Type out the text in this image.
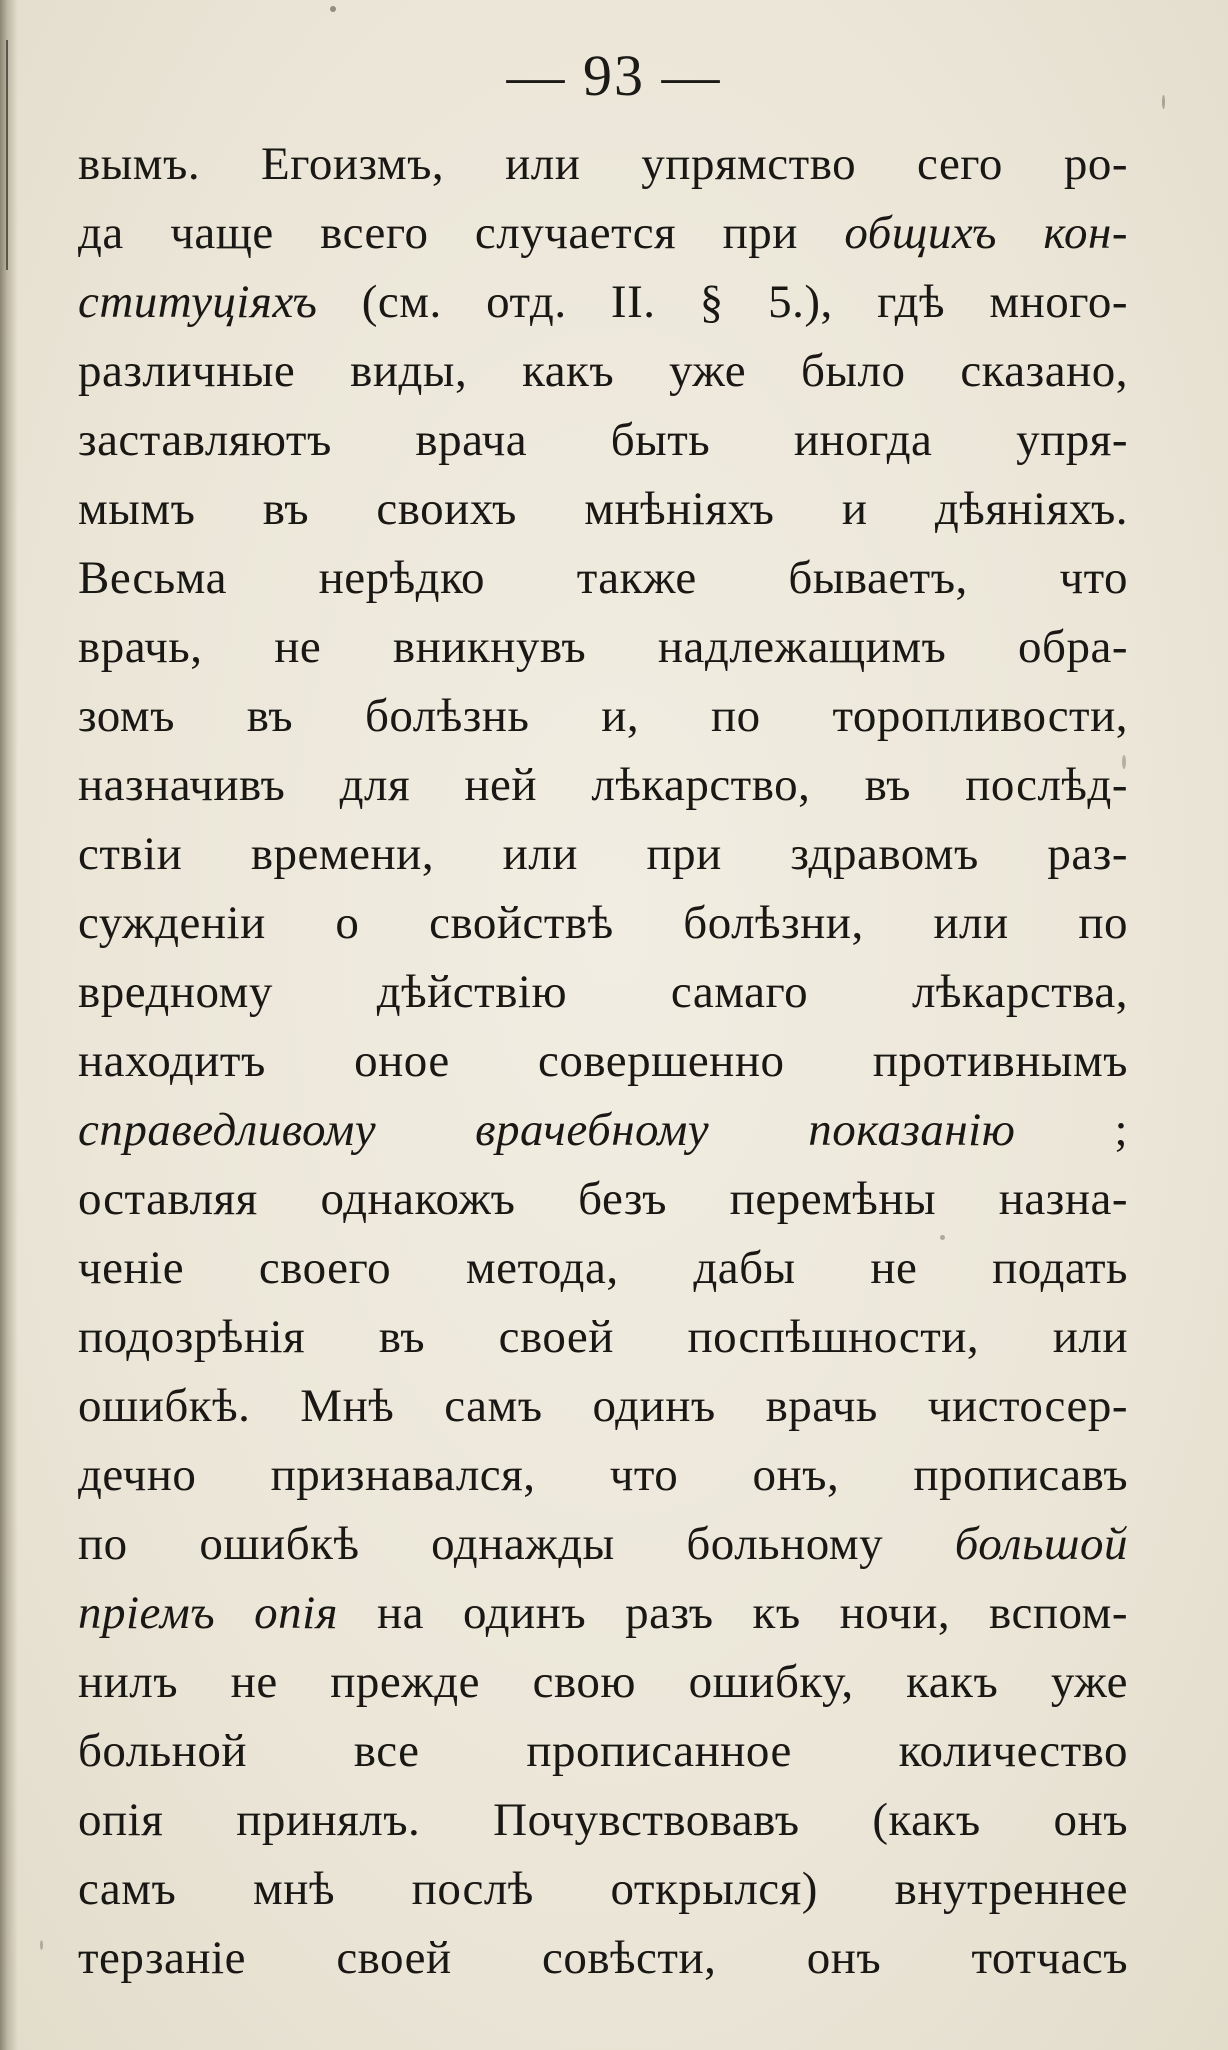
— 93 —
вымъ. Егоизмъ, или упрямство сего ро-
да чаще всего случается при общихъ кон-
ституціяхъ (см. отд. II. § 5.), гдѣ много-
различные виды, какъ уже было сказано,
заставляютъ врача быть иногда упря-
мымъ въ своихъ мнѣніяхъ и дѣяніяхъ.
Весьма нерѣдко также бываетъ, что
врачь, не вникнувъ надлежащимъ обра-
зомъ въ болѣзнь и, по торопливости,
назначивъ для ней лѣкарство, въ послѣд-
ствіи времени, или при здравомъ раз-
сужденіи о свойствѣ болѣзни, или по
вредному дѣйствію самаго лѣкарства,
находитъ оное совершенно противнымъ
справедливому врачебному показанію ;
оставляя однакожъ безъ перемѣны назна-
ченіе своего метода, дабы не подать
подозрѣнія въ своей поспѣшности, или
ошибкѣ. Мнѣ самъ одинъ врачь чистосер-
дечно признавался, что онъ, прописавъ
по ошибкѣ однажды больному большой
пріемъ опія на одинъ разъ къ ночи, вспом-
нилъ не прежде свою ошибку, какъ уже
больной все прописанное количество
опія принялъ. Почувствовавъ (какъ онъ
самъ мнѣ послѣ открылся) внутреннее
терзаніе своей совѣсти, онъ тотчасъ
